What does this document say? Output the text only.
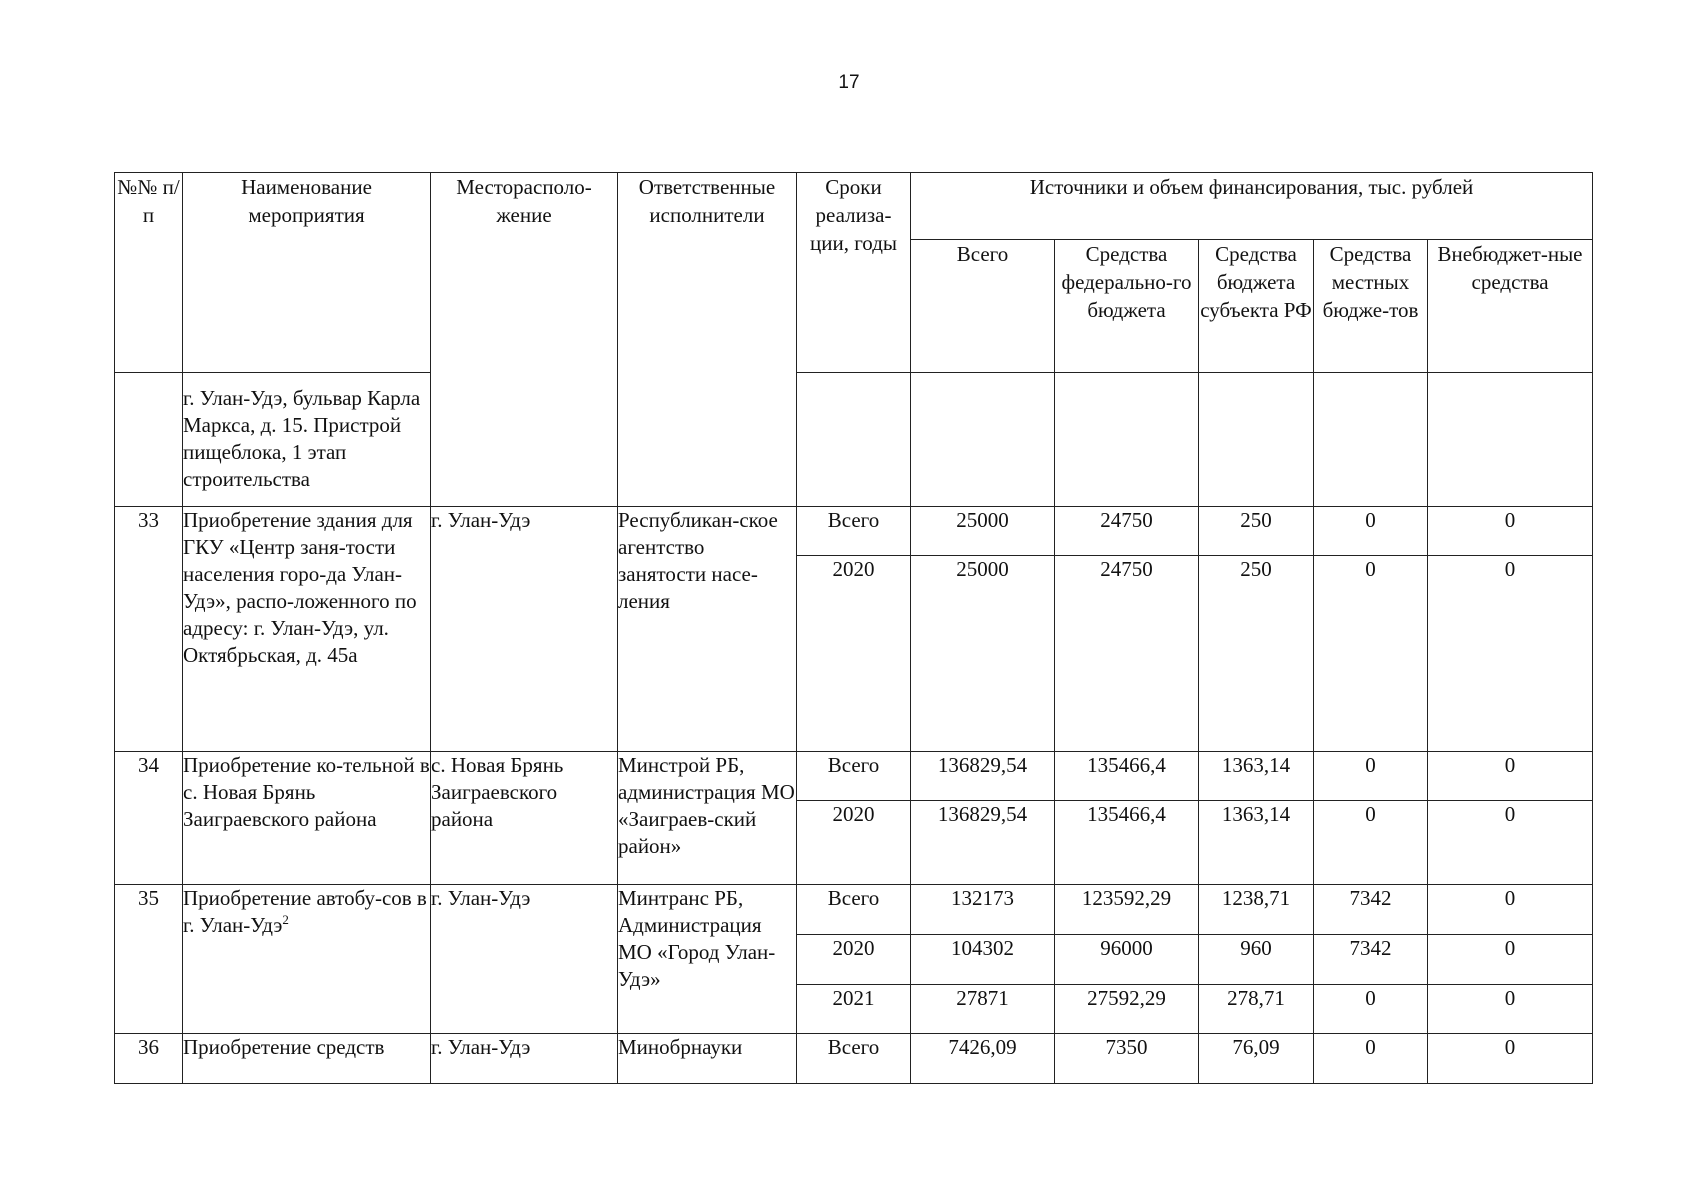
17
№№ п/п	Наименование мероприятия	Месторасполо-жение	Ответственные исполнители	Сроки реализа-ции, годы	Источники и объем финансирования, тыс. рублей				
					Всего	Средства федерально-го бюджета	Средства бюджета субъекта РФ	Средства местных бюдже-тов	Внебюджет-ные средства
	г. Улан-Удэ, бульвар Карла Маркса, д. 15. Пристрой пищеблока, 1 этап строительства								
33	Приобретение здания для ГКУ «Центр заня-тости населения горо-да Улан-Удэ», распо-ложенного по адресу: г. Улан-Удэ, ул. Октябрьская, д. 45а	г. Улан-Удэ	Республикан-ское агентство занятости насе-ления	Всего	25000	24750	250	0	0
				2020	25000	24750	250	0	0
34	Приобретение ко-тельной в с. Новая Брянь Заиграевского района	с. Новая Брянь Заиграевского района	Минстрой РБ, администрация МО «Заиграев-ский район»	Всего	136829,54	135466,4	1363,14	0	0
				2020	136829,54	135466,4	1363,14	0	0
35	Приобретение автобу-сов в г. Улан-Удэ$^2$	г. Улан-Удэ	Минтранс РБ, Администрация МО «Город Улан-Удэ»	Всего	132173	123592,29	1238,71	7342	0
				2020	104302	96000	960	7342	0
				2021	27871	27592,29	278,71	0	0
36	Приобретение средств	г. Улан-Удэ	Минобрнауки	Всего	7426,09	7350	76,09	0	0
